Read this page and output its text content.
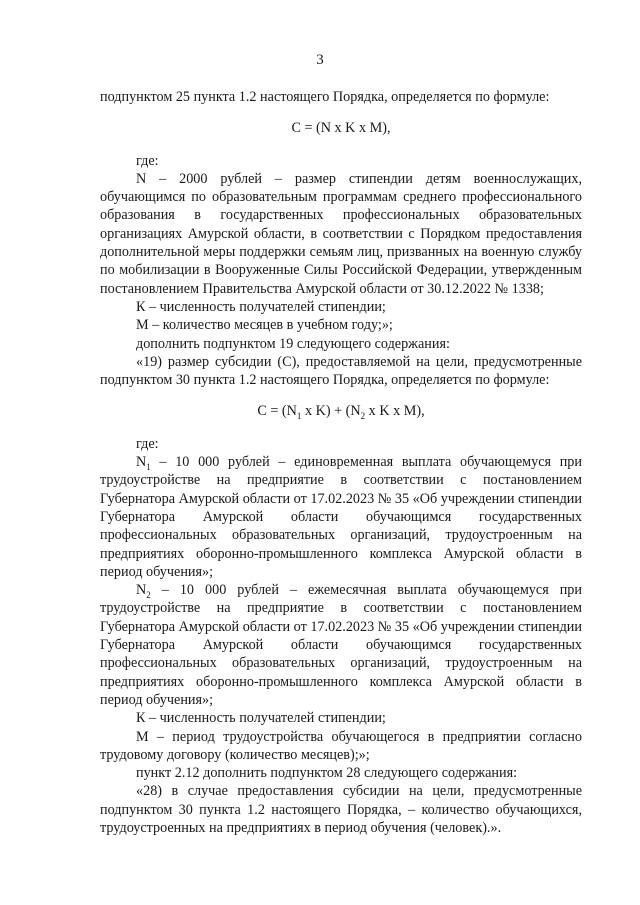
3

подпунктом 25 пункта 1.2 настоящего Порядка, определяется по формуле:

С = (N x K x M),

где:

N – 2000 рублей – размер стипендии детям военнослужащих, обучающимся по образовательным программам среднего профессионального образования в государственных профессиональных образовательных организациях Амурской области, в соответствии с Порядком предоставления дополнительной меры поддержки семьям лиц, призванных на военную службу по мобилизации в Вооруженные Силы Российской Федерации, утвержденным постановлением Правительства Амурской области от 30.12.2022 № 1338;

К – численность получателей стипендии;

М – количество месяцев в учебном году;»;

дополнить подпунктом 19 следующего содержания:

«19) размер субсидии (С), предоставляемой на цели, предусмотренные подпунктом 30 пункта 1.2 настоящего Порядка, определяется по формуле:

$С = (N_1$ x $K) + (N_2$ x K x M),

где:

$N_1 - 10$ 000 рублей – единовременная выплата обучающемуся при трудоустройстве на предприятие в соответствии с постановлением Губернатора Амурской области от 17.02.2023 № 35 «Об учреждении стипендии Губернатора Амурской области обучающимся государственных профессиональных образовательных организаций, трудоустроенным на предприятиях оборонно-промышленного комплекса Амурской области в период обучения»;

$N_2 - 10$ 000 рублей – ежемесячная выплата обучающемуся при трудоустройстве на предприятие в соответствии с постановлением Губернатора Амурской области от 17.02.2023 № 35 «Об учреждении стипендии Губернатора Амурской области обучающимся государственных профессиональных образовательных организаций, трудоустроенным на предприятиях оборонно-промышленного комплекса Амурской области в период обучения»;

К – численность получателей стипендии;

М – период трудоустройства обучающегося в предприятии согласно трудовому договору (количество месяцев);»;

пункт 2.12 дополнить подпунктом 28 следующего содержания:

«28) в случае предоставления субсидии на цели, предусмотренные подпунктом 30 пункта 1.2 настоящего Порядка, – количество обучающихся, трудоустроенных на предприятиях в период обучения (человек).».
